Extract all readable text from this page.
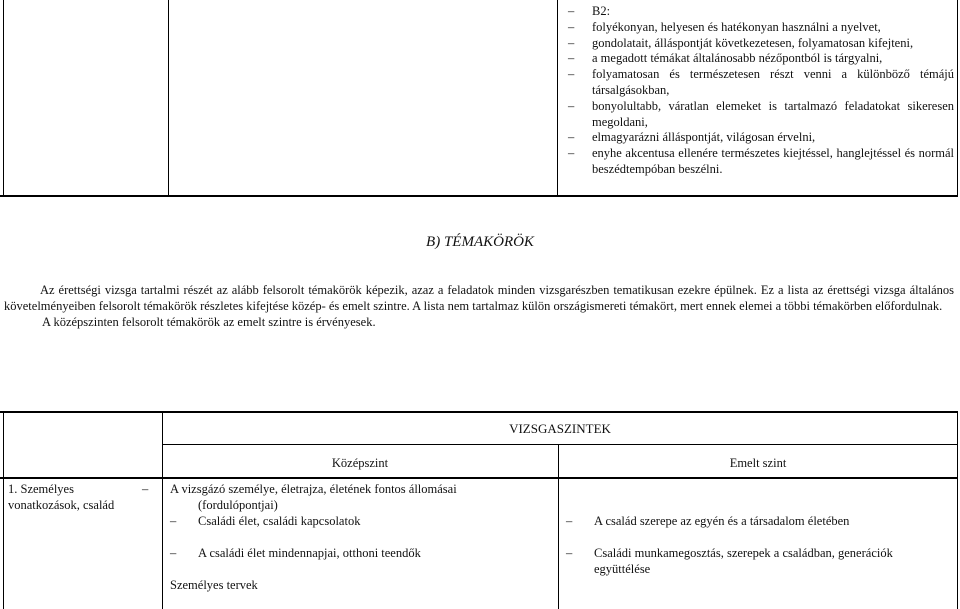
– B2:
– folyékonyan, helyesen és hatékonyan használni a nyelvet,
– gondolatait, álláspontját következetesen, folyamatosan kifejteni,
– a megadott témákat általánosabb nézőpontból is tárgyalni,
– folyamatosan és természetesen részt venni a különböző témájú társalgásokban,
– bonyolultabb, váratlan elemeket is tartalmazó feladatokat sikeresen megoldani,
– elmagyarázni álláspontját, világosan érvelni,
– enyhe akcentusa ellenére természetes kiejtéssel, hanglejtéssel és normál beszédtempóban beszélni.
B) TÉMAKÖRÖK

Az érettségi vizsga tartalmi részét az alább felsorolt témakörök képezik, azaz a feladatok minden vizsgarészben tematikusan ezekre épülnek. Ez a lista az érettségi vizsga általános követelményeiben felsorolt témakörök részletes kifejtése közép- és emelt szintre. A lista nem tartalmaz külön országismereti témakört, mert ennek elemei a többi témakörben előfordulnak.

A középszinten felsorolt témakörök az emelt szintre is érvényesek.

VIZSGASZINTEK
Középszint	Emelt szint
1. Személyes vonatkozások, család
– A vizsgázó személye, életrajza, életének fontos állomásai (fordulópontjai)
– Családi élet, családi kapcsolatok
– A családi élet mindennapjai, otthoni teendők
Személyes tervek
– A család szerepe az egyén és a társadalom életében
– Családi munkamegosztás, szerepek a családban, generációk együttélése
